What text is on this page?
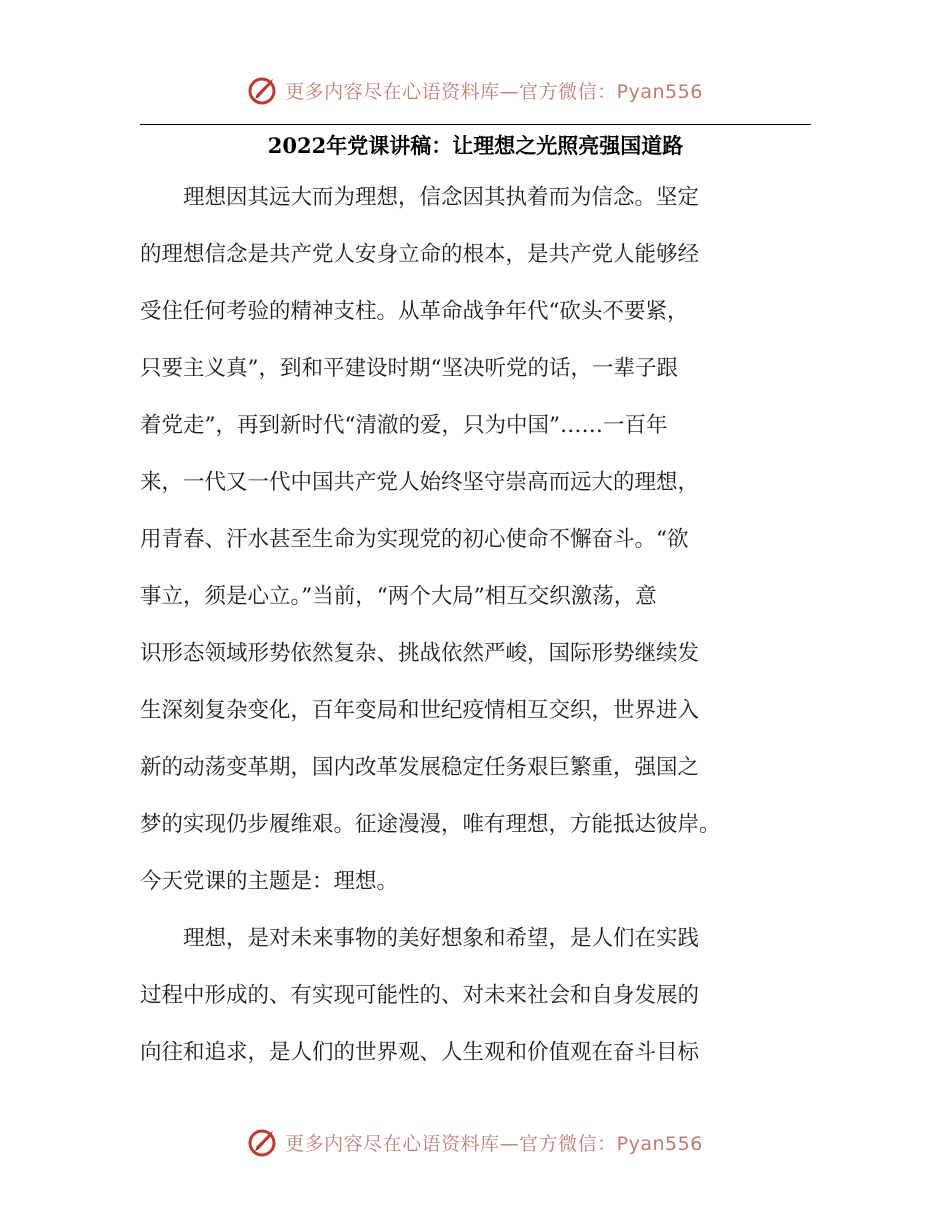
更多内容尽在心语资料库—官方微信：Pyan556
2022年党课讲稿：让理想之光照亮强国道路
　　理想因其远大而为理想，信念因其执着而为信念。坚定
的理想信念是共产党人安身立命的根本，是共产党人能够经
受住任何考验的精神支柱。从革命战争年代“砍头不要紧，
只要主义真”，到和平建设时期“坚决听党的话，一辈子跟
着党走”，再到新时代“清澈的爱，只为中国”……一百年
来，一代又一代中国共产党人始终坚守崇高而远大的理想，
用青春、汗水甚至生命为实现党的初心使命不懈奋斗。“欲
事立，须是心立。”当前，“两个大局”相互交织激荡，意
识形态领域形势依然复杂、挑战依然严峻，国际形势继续发
生深刻复杂变化，百年变局和世纪疫情相互交织，世界进入
新的动荡变革期，国内改革发展稳定任务艰巨繁重，强国之
梦的实现仍步履维艰。征途漫漫，唯有理想，方能抵达彼岸。
今天党课的主题是：理想。
　　理想，是对未来事物的美好想象和希望，是人们在实践
过程中形成的、有实现可能性的、对未来社会和自身发展的
向往和追求，是人们的世界观、人生观和价值观在奋斗目标
更多内容尽在心语资料库—官方微信：Pyan556
